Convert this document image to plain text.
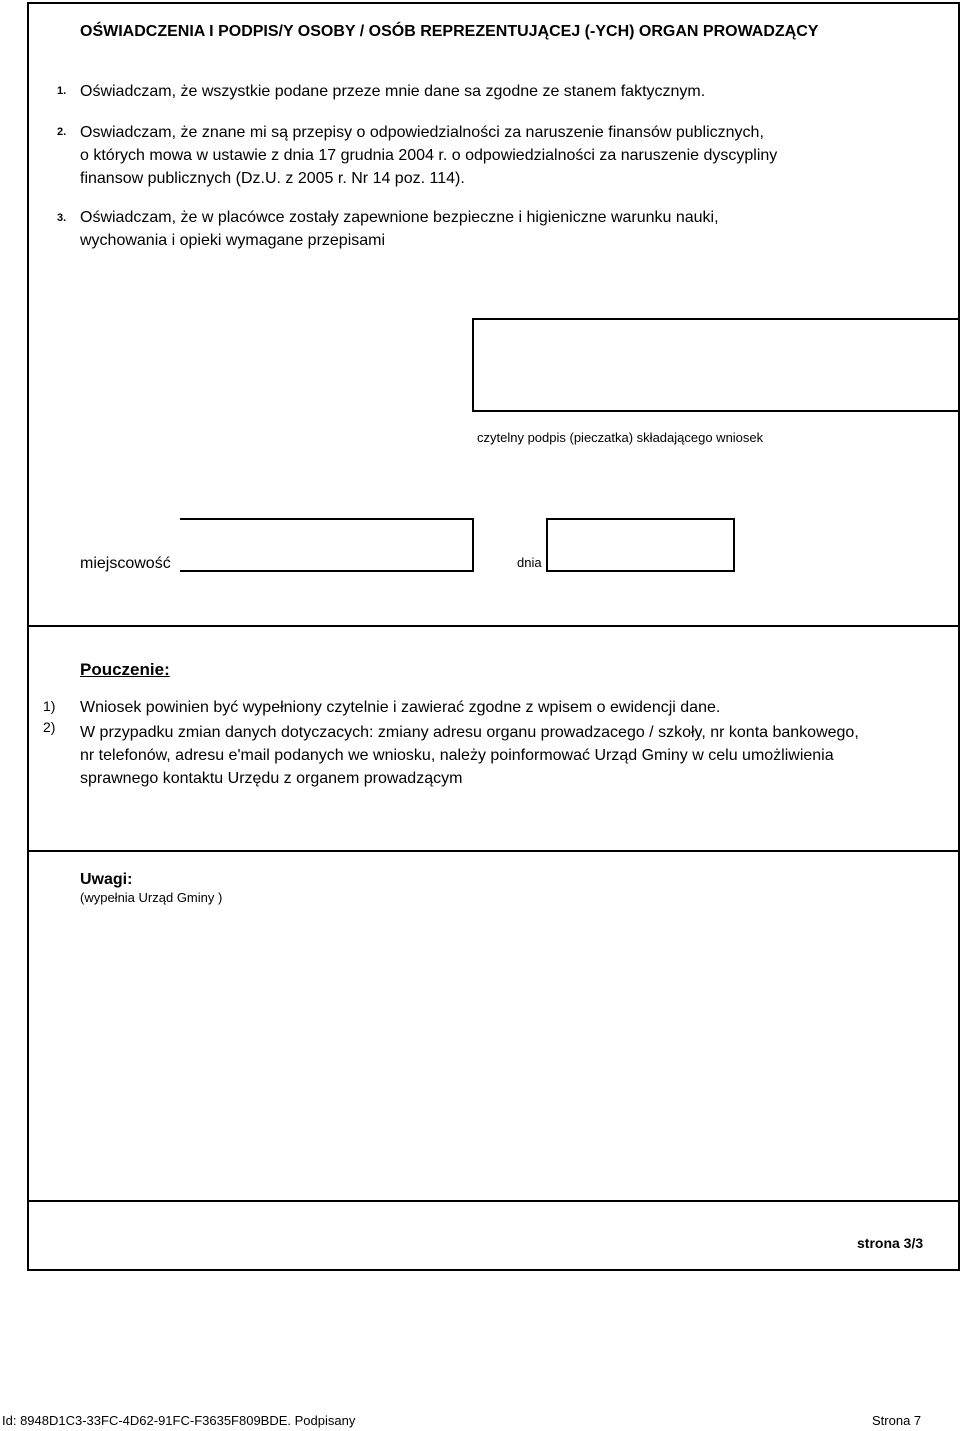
OŚWIADCZENIA I PODPIS/Y OSOBY / OSÓB REPREZENTUJĄCEJ (-YCH) ORGAN PROWADZĄCY
1. Oświadczam, że wszystkie podane przeze mnie dane sa zgodne ze stanem faktycznym.
2. Oswiadczam, że znane mi są przepisy o odpowiedzialności za naruszenie finansów publicznych,
o których mowa w ustawie z dnia 17 grudnia 2004 r. o odpowiedzialności za naruszenie dyscypliny
finansow publicznych (Dz.U. z 2005 r. Nr 14 poz. 114).
3. Oświadczam, że w placówce zostały zapewnione bezpieczne i higieniczne warunku nauki,
wychowania i opieki wymagane przepisami
czytelny podpis (pieczatka) składającego wniosek
miejscowość	dnia
Pouczenie:
1) Wniosek powinien być wypełniony czytelnie i zawierać zgodne z wpisem o ewidencji dane.
2) W przypadku zmian danych dotyczacych: zmiany adresu organu prowadzacego / szkoły, nr konta bankowego,
nr telefonów, adresu e'mail podanych we wniosku, należy poinformować Urząd Gminy w celu umożliwienia
sprawnego kontaktu Urzędu z organem prowadzącym
Uwagi:
(wypełnia Urząd Gminy )
strona 3/3
Id: 8948D1C3-33FC-4D62-91FC-F3635F809BDE. Podpisany	Strona 7
